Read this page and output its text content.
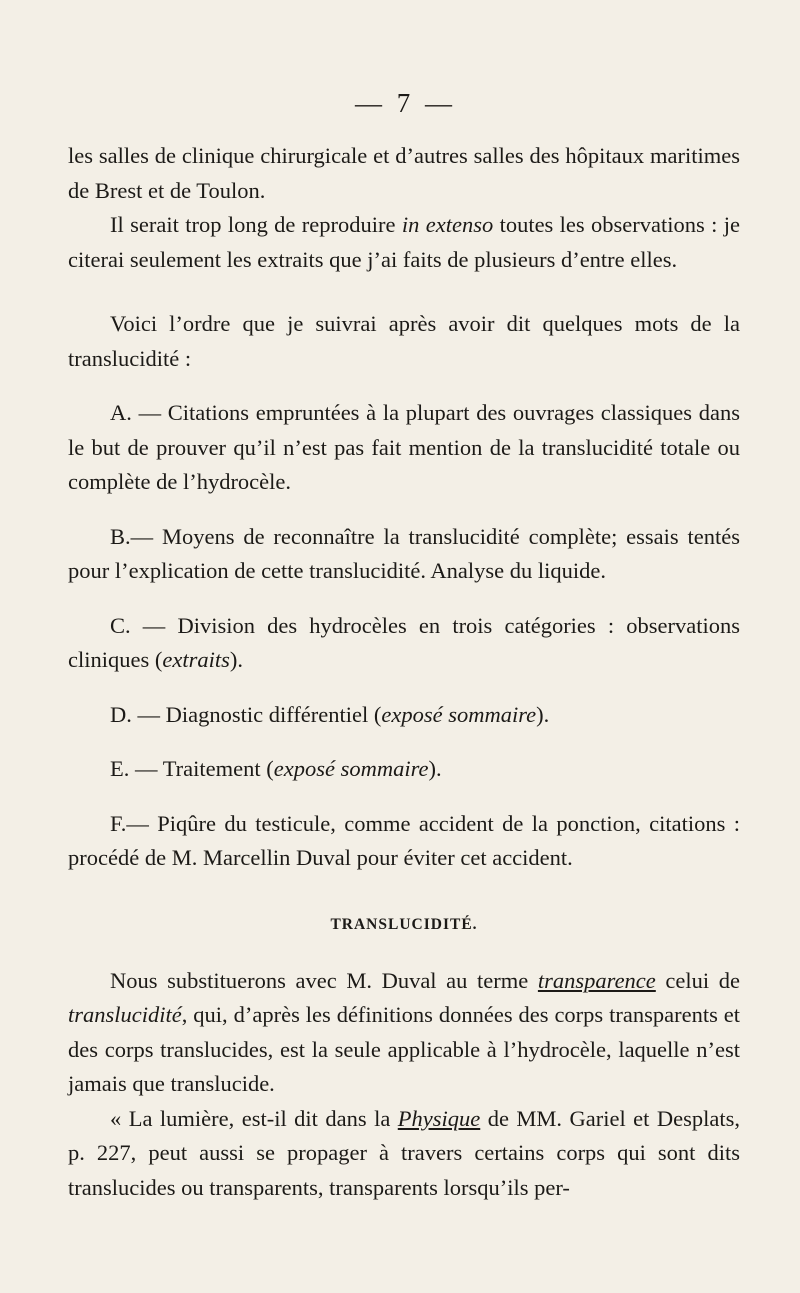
— 7 —

les salles de clinique chirurgicale et d’autres salles des hôpitaux maritimes de Brest et de Toulon.

Il serait trop long de reproduire in extenso toutes les observations : je citerai seulement les extraits que j’ai faits de plusieurs d’entre elles.

Voici l’ordre que je suivrai après avoir dit quelques mots de la translucidité :

A. — Citations empruntées à la plupart des ouvrages classiques dans le but de prouver qu’il n’est pas fait mention de la translucidité totale ou complète de l’hydrocèle.

B.— Moyens de reconnaître la translucidité complète; essais tentés pour l’explication de cette translucidité. Analyse du liquide.

C. — Division des hydrocèles en trois catégories : observations cliniques (extraits).

D. — Diagnostic différentiel (exposé sommaire).

E. — Traitement (exposé sommaire).

F.— Piqûre du testicule, comme accident de la ponction, citations : procédé de M. Marcellin Duval pour éviter cet accident.

TRANSLUCIDITÉ.

Nous substituerons avec M. Duval au terme transparence celui de translucidité, qui, d’après les définitions données des corps transparents et des corps translucides, est la seule applicable à l’hydrocèle, laquelle n’est jamais que translucide.

« La lumière, est-il dit dans la Physique de MM. Gariel et Desplats, p. 227, peut aussi se propager à travers certains corps qui sont dits translucides ou transparents, transparents lorsqu’ils per-
